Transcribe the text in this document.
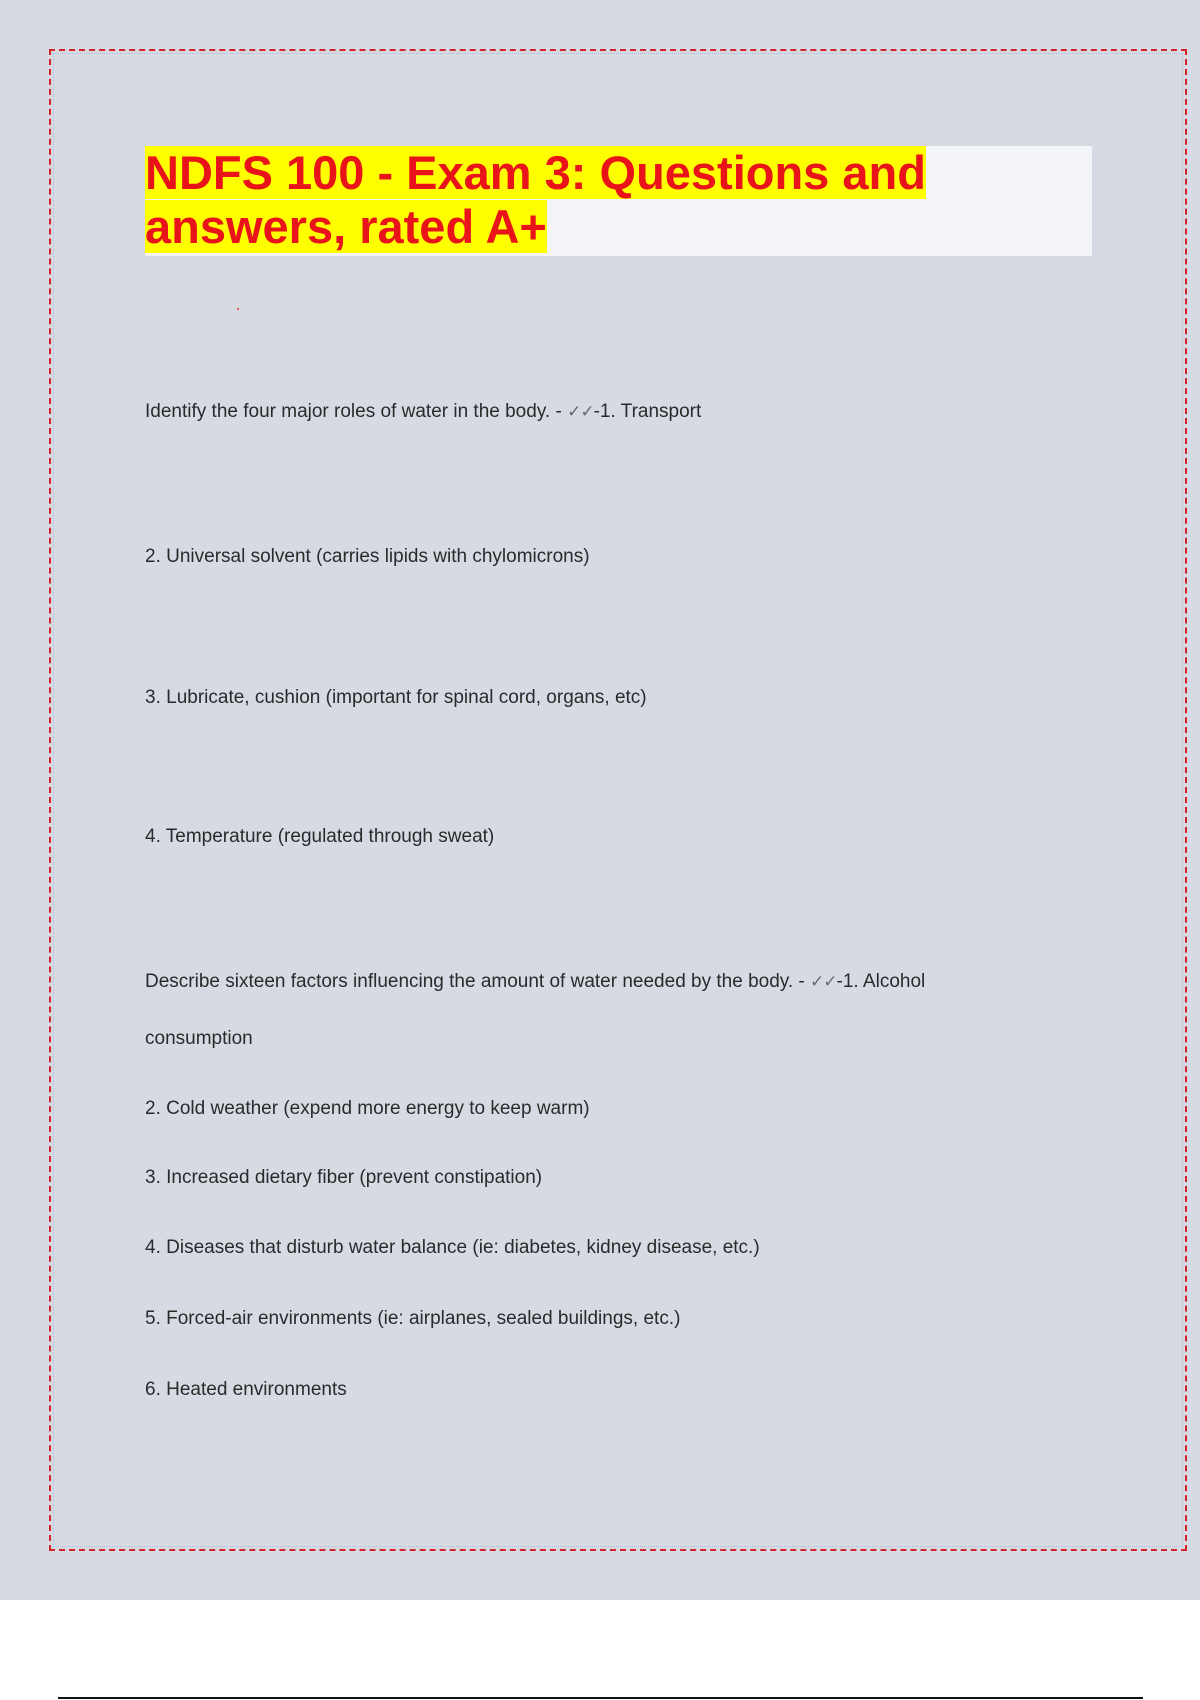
NDFS 100 - Exam 3: Questions and
answers, rated A+

Identify the four major roles of water in the body. - ✓✓-1. Transport

2. Universal solvent (carries lipids with chylomicrons)

3. Lubricate, cushion (important for spinal cord, organs, etc)

4. Temperature (regulated through sweat)

Describe sixteen factors influencing the amount of water needed by the body. - ✓✓-1. Alcohol

consumption

2. Cold weather (expend more energy to keep warm)

3. Increased dietary fiber (prevent constipation)

4. Diseases that disturb water balance (ie: diabetes, kidney disease, etc.)

5. Forced-air environments (ie: airplanes, sealed buildings, etc.)

6. Heated environments
